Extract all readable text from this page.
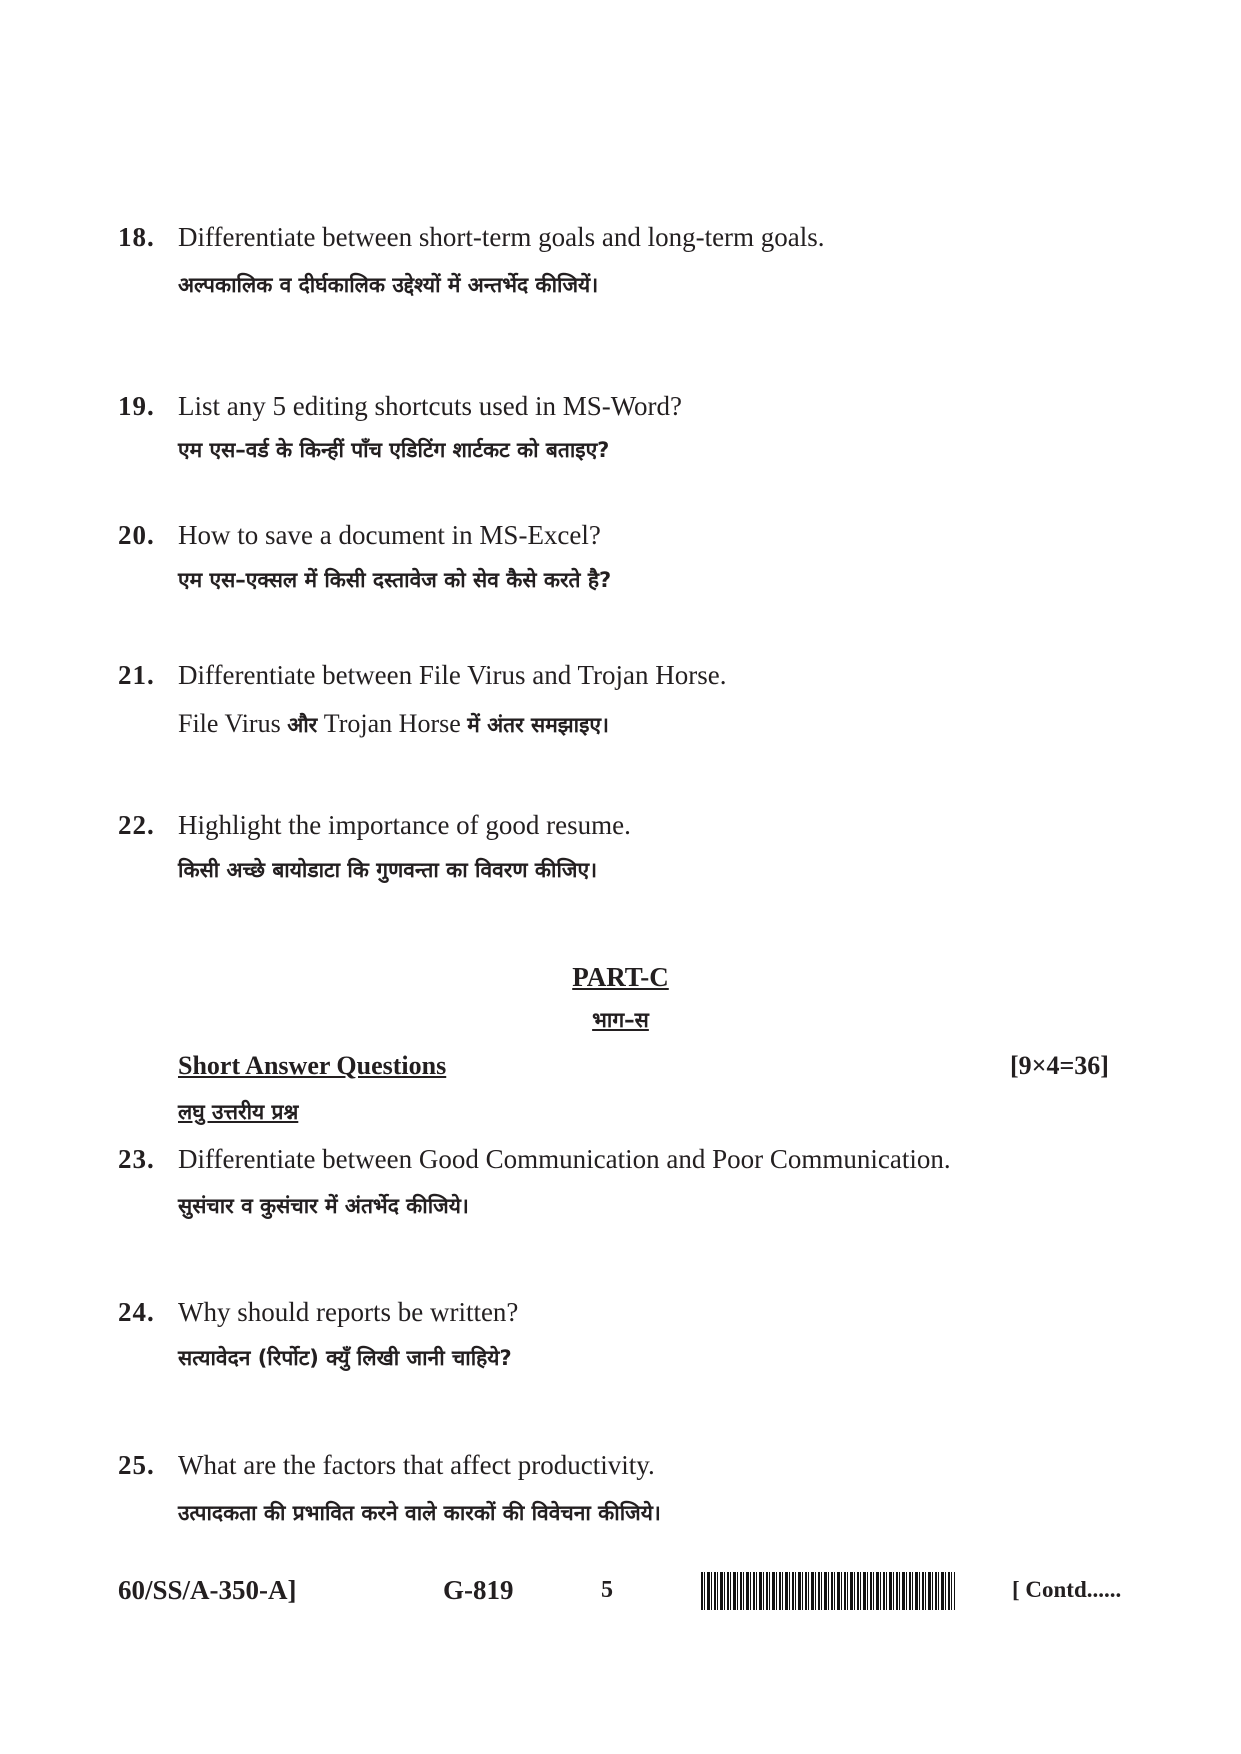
18. Differentiate between short-term goals and long-term goals.
अल्पकालिक व दीर्घकालिक उद्देश्यों में अन्तर्भेद कीजियें।
19. List any 5 editing shortcuts used in MS-Word?
एम एस–वर्ड के किन्हीं पाँच एडिटिंग शार्टकट को बताइए?
20. How to save a document in MS-Excel?
एम एस–एक्सल में किसी दस्तावेज को सेव कैसे करते है?
21. Differentiate between File Virus and Trojan Horse.
File Virus और Trojan Horse में अंतर समझाइए।
22. Highlight the importance of good resume.
किसी अच्छे बायोडाटा कि गुणवन्ता का विवरण कीजिए।
PART-C
भाग–स
Short Answer Questions	[9×4=36]
लघु उत्तरीय प्रश्न
23. Differentiate between Good Communication and Poor Communication.
सुसंचार व कुसंचार में अंतर्भेद कीजिये।
24. Why should reports be written?
सत्यावेदन (रिर्पोट) क्युँ लिखी जानी चाहिये?
25. What are the factors that affect productivity.
उत्पादकता की प्रभावित करने वाले कारकों की विवेचना कीजिये।
60/SS/A-350-A]	G-819	5	[ Contd......
